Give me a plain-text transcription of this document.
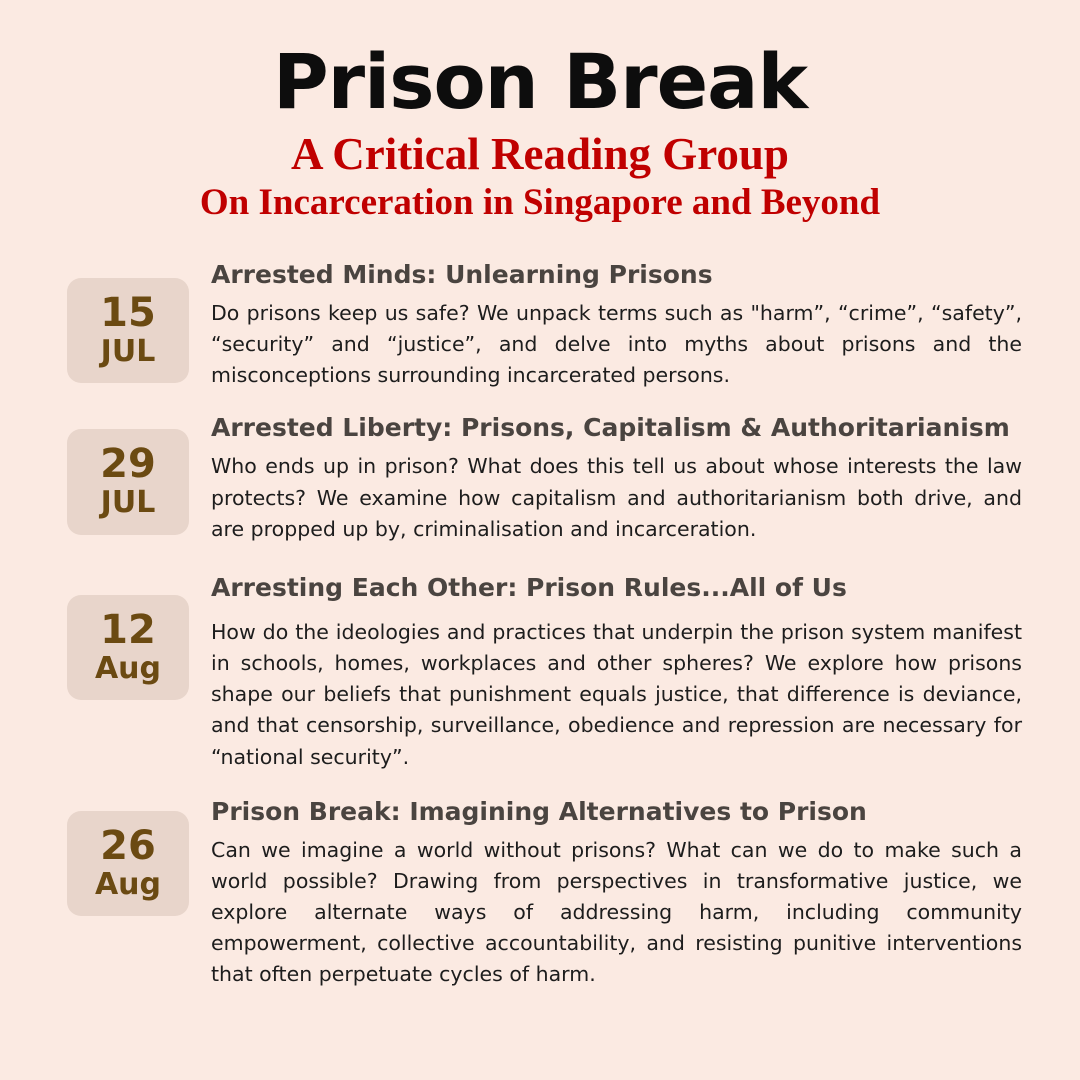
Prison Break
A Critical Reading Group
On Incarceration in Singapore and Beyond
15
JUL
Arrested Minds: Unlearning Prisons

Do prisons keep us safe? We unpack terms such as "harm”, “crime”, “safety”, “security” and “justice”, and delve into myths about prisons and the misconceptions surrounding incarcerated persons.

29
JUL
Arrested Liberty: Prisons, Capitalism & Authoritarianism

Who ends up in prison? What does this tell us about whose interests the law protects? We examine how capitalism and authoritarianism both drive, and are propped up by, criminalisation and incarceration.

12
Aug
Arresting Each Other: Prison Rules...All of Us

How do the ideologies and practices that underpin the prison system manifest in schools, homes, workplaces and other spheres? We explore how prisons shape our beliefs that punishment equals justice, that difference is deviance, and that censorship, surveillance, obedience and repression are necessary for “national security”.

26
Aug
Prison Break: Imagining Alternatives to Prison

Can we imagine a world without prisons? What can we do to make such a world possible? Drawing from perspectives in transformative justice, we explore alternate ways of addressing harm, including community empowerment, collective accountability, and resisting punitive interventions that often perpetuate cycles of harm.
